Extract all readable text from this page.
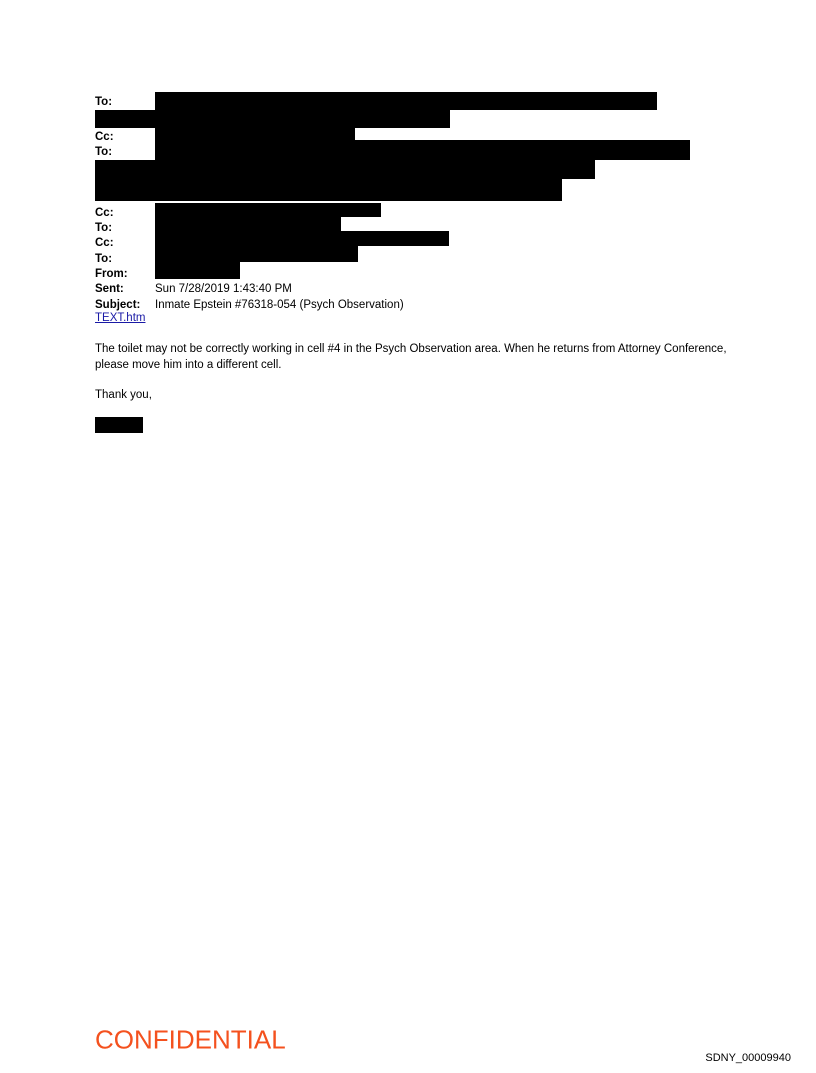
To:
Cc:
To:
Cc:
To:
Cc:
To:
From:
Sent:	Sun 7/28/2019 1:43:40 PM
Subject: Inmate Epstein #76318-054 (Psych Observation)
TEXT.htm

The toilet may not be correctly working in cell #4 in the Psych Observation area. When he returns from Attorney Conference, please move him into a different cell.

Thank you,

CONFIDENTIAL
SDNY_00009940
